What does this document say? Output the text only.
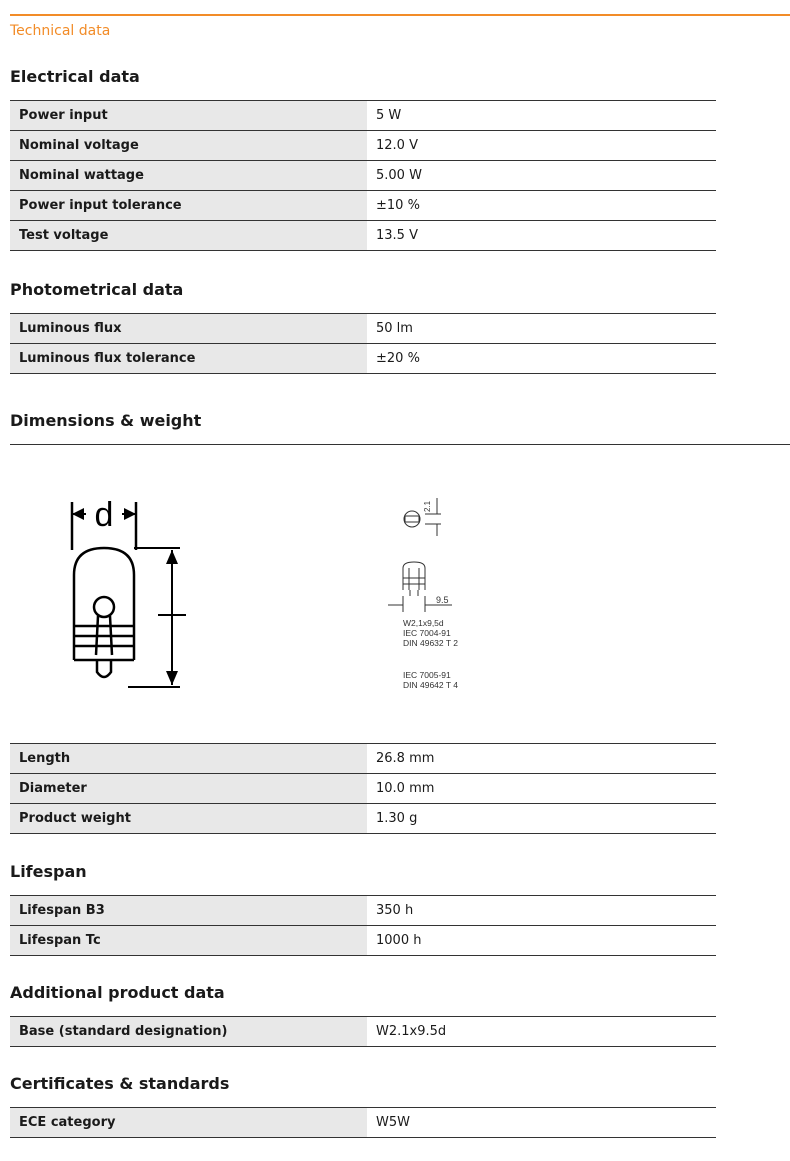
Technical data
Electrical data
Power input	5 W
Nominal voltage	12.0 V
Nominal wattage	5.00 W
Power input tolerance	±10 %
Test voltage	13.5 V
Photometrical data
Luminous flux	50 lm
Luminous flux tolerance	±20 %
Dimensions & weight
d	2.1
9.5
W2,1x9,5d
IEC 7004-91
DIN 49632 T 2
IEC 7005-91
DIN 49642 T 4
Length	26.8 mm
Diameter	10.0 mm
Product weight	1.30 g
Lifespan
Lifespan B3	350 h
Lifespan Tc	1000 h
Additional product data
Base (standard designation)	W2.1x9.5d
Certificates & standards
ECE category	W5W
